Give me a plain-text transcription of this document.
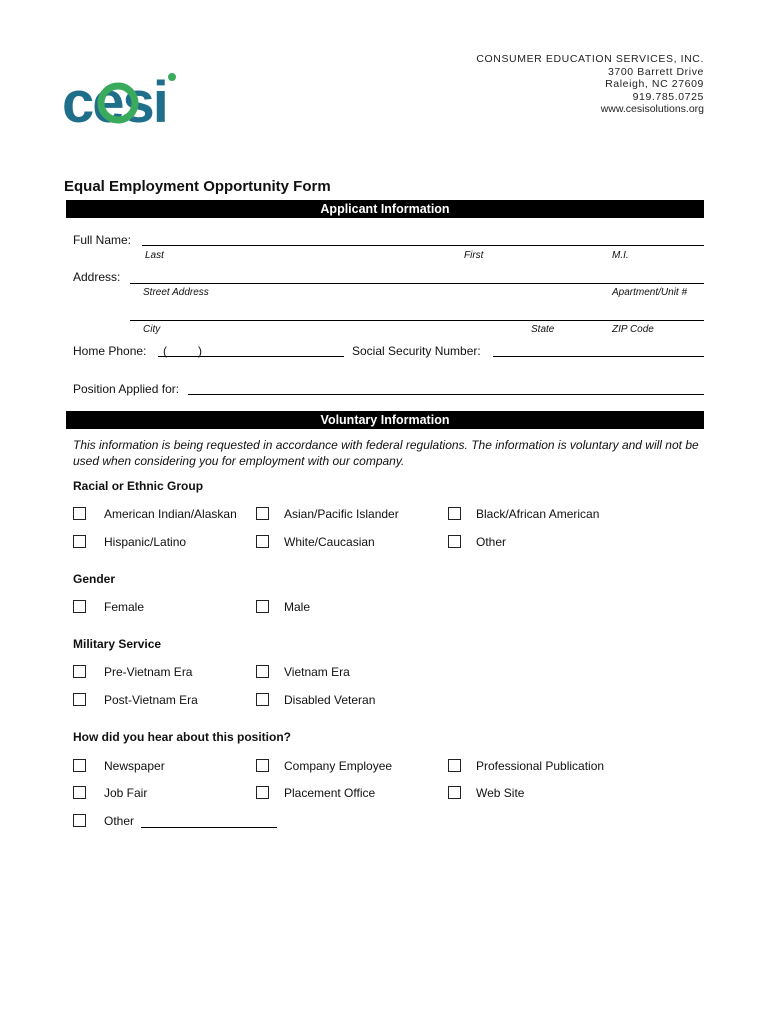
cesi
CONSUMER EDUCATION SERVICES, INC.
3700 Barrett Drive
Raleigh, NC 27609
919.785.0725
www.cesisolutions.org
Equal Employment Opportunity Form
Applicant Information
Full Name:
Last	First	M.I.
Address:
Street Address	Apartment/Unit #
City	State	ZIP Code
Home Phone: (	)	Social Security Number:
Position Applied for:
Voluntary Information
This information is being requested in accordance with federal regulations. The information is voluntary and will not be used when considering you for employment with our company.
Racial or Ethnic Group
American Indian/Alaskan	Asian/Pacific Islander	Black/African American
Hispanic/Latino	White/Caucasian	Other
Gender
Female	Male
Military Service
Pre-Vietnam Era	Vietnam Era
Post-Vietnam Era	Disabled Veteran
How did you hear about this position?
Newspaper	Company Employee	Professional Publication
Job Fair	Placement Office	Web Site
Other
